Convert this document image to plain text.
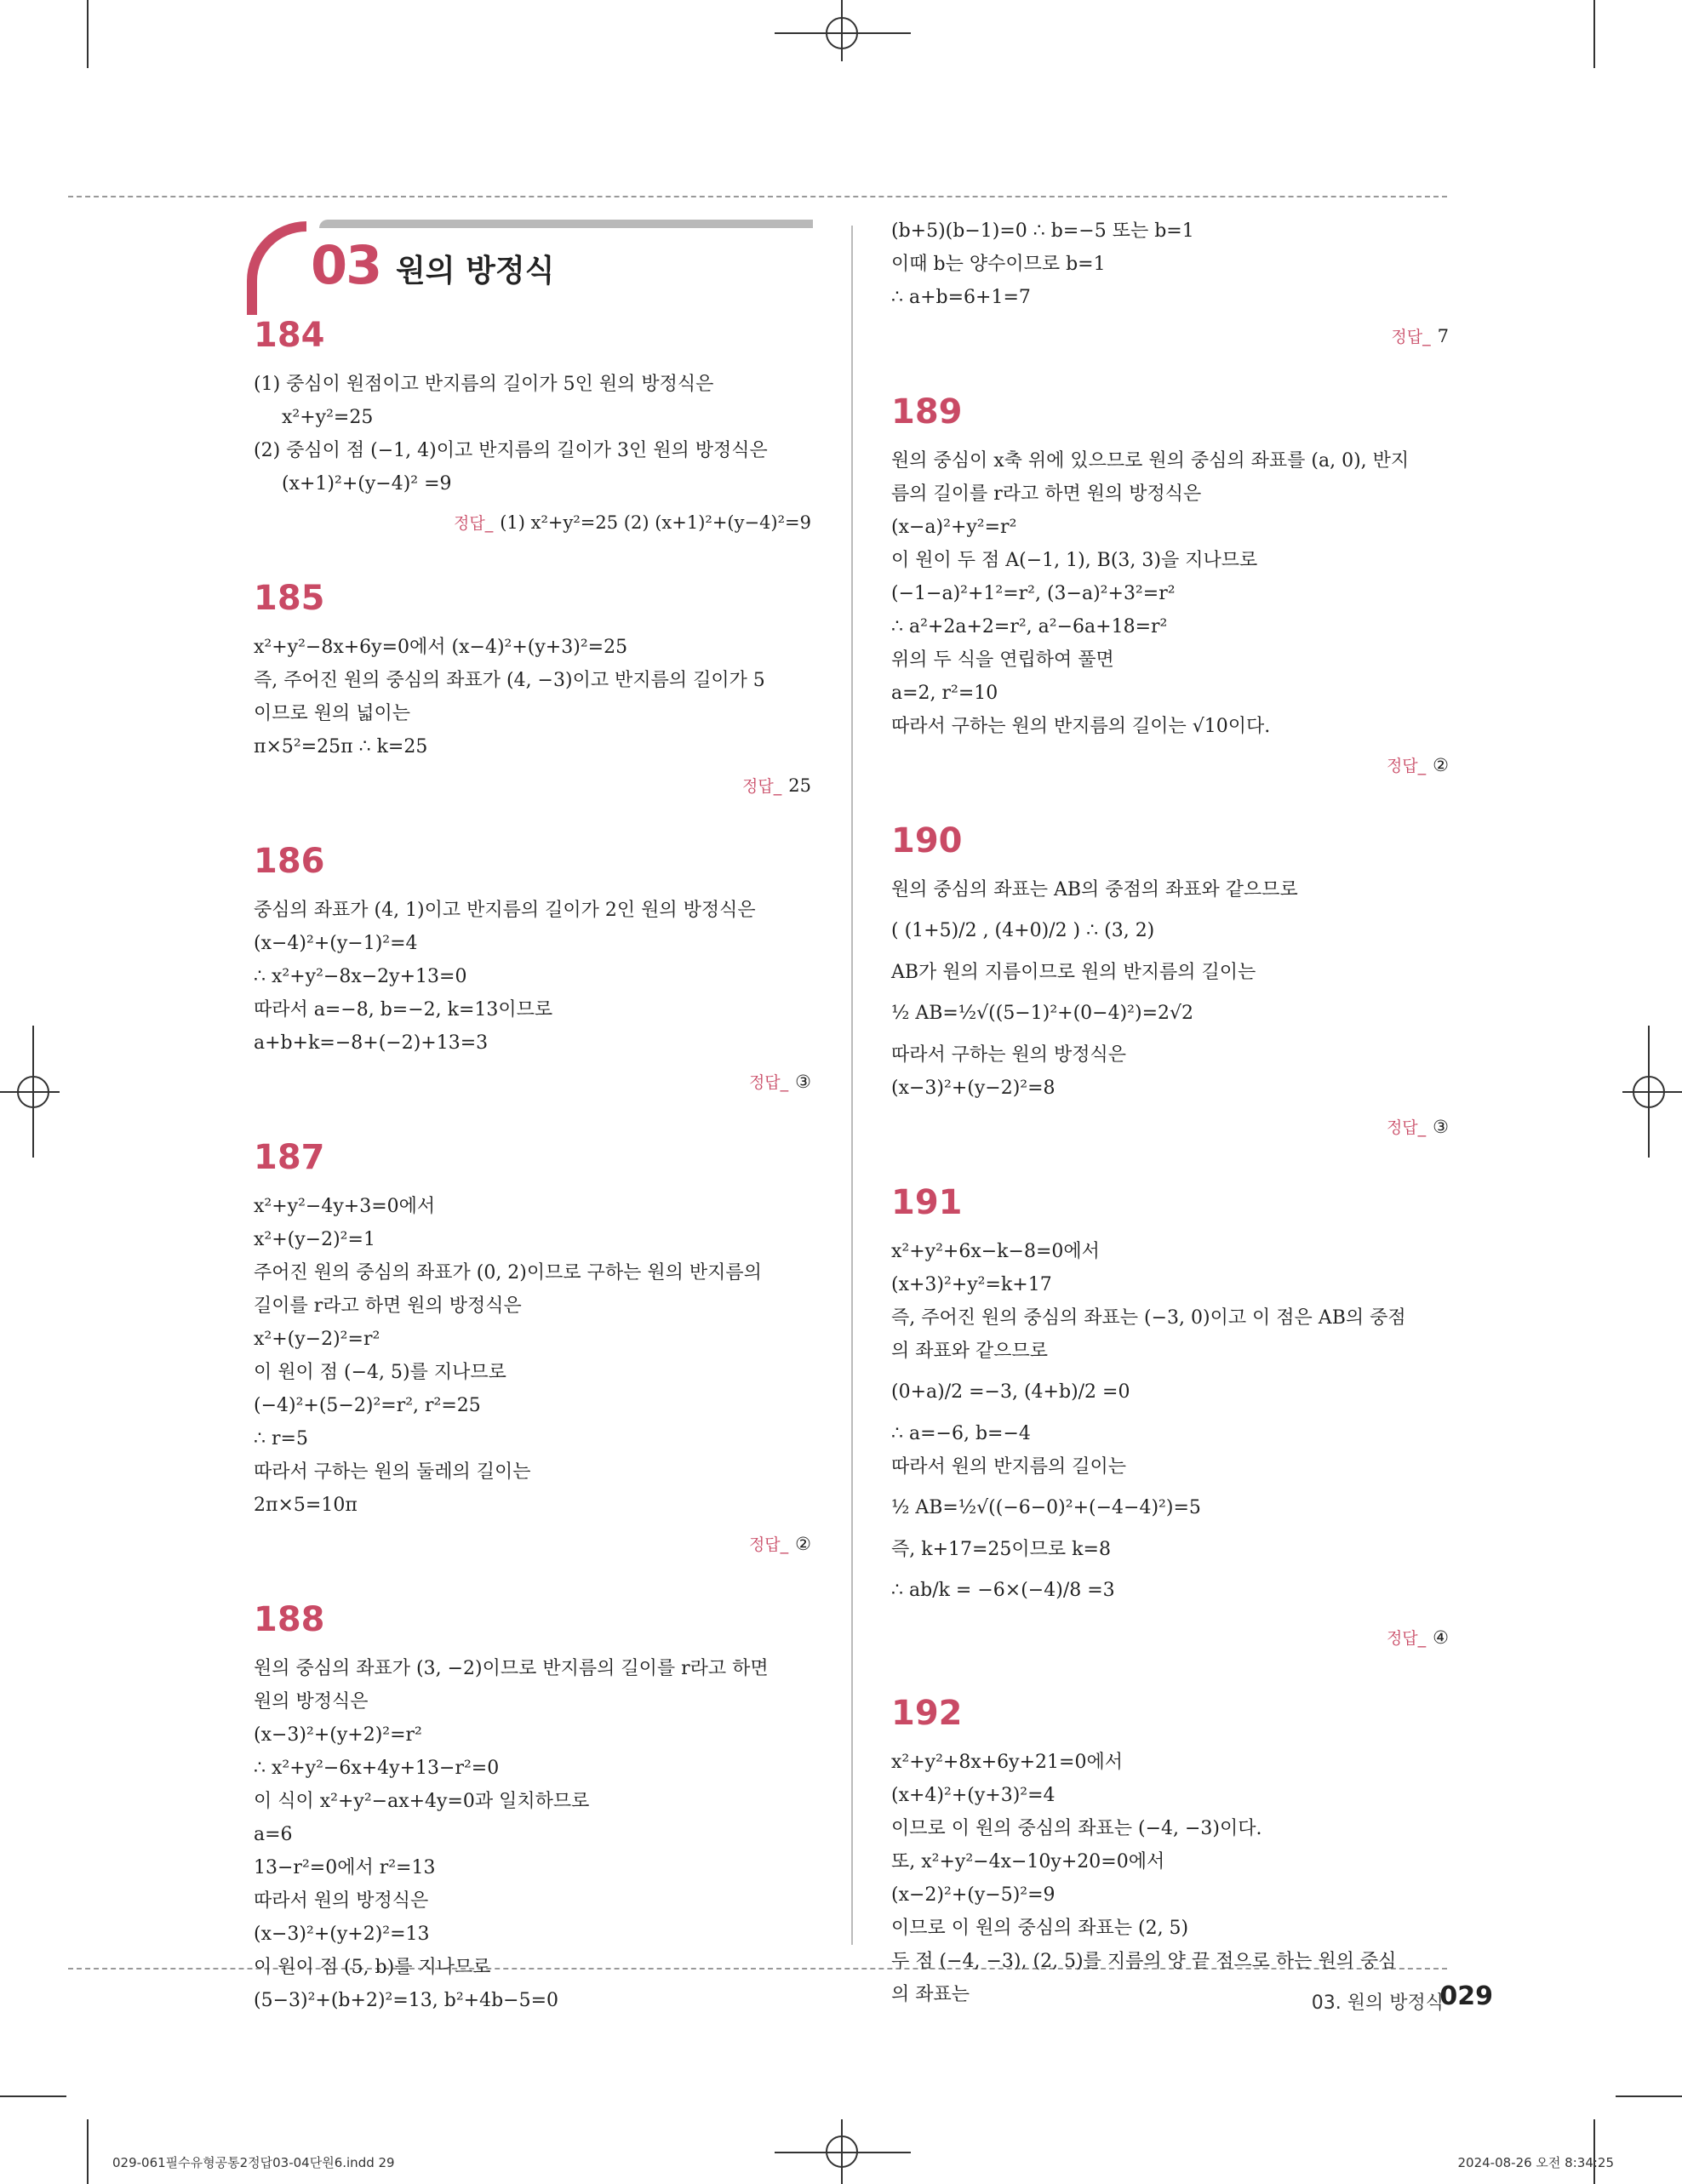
03 원의 방정식
184
(1) 중심이 원점이고 반지름의 길이가 5인 원의 방정식은
x²+y²=25
(2) 중심이 점 (−1, 4)이고 반지름의 길이가 3인 원의 방정식은
(x+1)²+(y−4)² =9
정답_ (1) x²+y²=25 (2) (x+1)²+(y−4)²=9
185
x²+y²−8x+6y=0에서 (x−4)²+(y+3)²=25
즉, 주어진 원의 중심의 좌표가 (4, −3)이고 반지름의 길이가 5
이므로 원의 넓이는
π×5²=25π ∴ k=25
정답_ 25
186
중심의 좌표가 (4, 1)이고 반지름의 길이가 2인 원의 방정식은
(x−4)²+(y−1)²=4
∴ x²+y²−8x−2y+13=0
따라서 a=−8, b=−2, k=13이므로
a+b+k=−8+(−2)+13=3
정답_ ③
187
x²+y²−4y+3=0에서
x²+(y−2)²=1
주어진 원의 중심의 좌표가 (0, 2)이므로 구하는 원의 반지름의
길이를 r라고 하면 원의 방정식은
x²+(y−2)²=r²
이 원이 점 (−4, 5)를 지나므로
(−4)²+(5−2)²=r², r²=25
∴ r=5
따라서 구하는 원의 둘레의 길이는
2π×5=10π
정답_ ②
188
원의 중심의 좌표가 (3, −2)이므로 반지름의 길이를 r라고 하면
원의 방정식은
(x−3)²+(y+2)²=r²
∴ x²+y²−6x+4y+13−r²=0
이 식이 x²+y²−ax+4y=0과 일치하므로
a=6
13−r²=0에서 r²=13
따라서 원의 방정식은
(x−3)²+(y+2)²=13
이 원이 점 (5, b)를 지나므로
(5−3)²+(b+2)²=13, b²+4b−5=0
(b+5)(b−1)=0 ∴ b=−5 또는 b=1
이때 b는 양수이므로 b=1
∴ a+b=6+1=7
정답_ 7
189
원의 중심이 x축 위에 있으므로 원의 중심의 좌표를 (a, 0), 반지
름의 길이를 r라고 하면 원의 방정식은
(x−a)²+y²=r²
이 원이 두 점 A(−1, 1), B(3, 3)을 지나므로
(−1−a)²+1²=r², (3−a)²+3²=r²
∴ a²+2a+2=r², a²−6a+18=r²
위의 두 식을 연립하여 풀면
a=2, r²=10
따라서 구하는 원의 반지름의 길이는 √10이다.
정답_ ②
190
원의 중심의 좌표는 AB의 중점의 좌표와 같으므로
( (1+5)/2 , (4+0)/2 ) ∴ (3, 2)
AB가 원의 지름이므로 원의 반지름의 길이는
½ AB=½√((5−1)²+(0−4)²)=2√2
따라서 구하는 원의 방정식은
(x−3)²+(y−2)²=8
정답_ ③
191
x²+y²+6x−k−8=0에서
(x+3)²+y²=k+17
즉, 주어진 원의 중심의 좌표는 (−3, 0)이고 이 점은 AB의 중점
의 좌표와 같으므로
(0+a)/2 =−3, (4+b)/2 =0
∴ a=−6, b=−4
따라서 원의 반지름의 길이는
½ AB=½√((−6−0)²+(−4−4)²)=5
즉, k+17=25이므로 k=8
∴ ab/k = −6×(−4)/8 =3
정답_ ④
192
x²+y²+8x+6y+21=0에서
(x+4)²+(y+3)²=4
이므로 이 원의 중심의 좌표는 (−4, −3)이다.
또, x²+y²−4x−10y+20=0에서
(x−2)²+(y−5)²=9
이므로 이 원의 중심의 좌표는 (2, 5)
두 점 (−4, −3), (2, 5)를 지름의 양 끝 점으로 하는 원의 중심
의 좌표는	03. 원의 방정식
029
029-061필수유형공통2정답03-04단원6.indd 29	2024-08-26 오전 8:34:25
